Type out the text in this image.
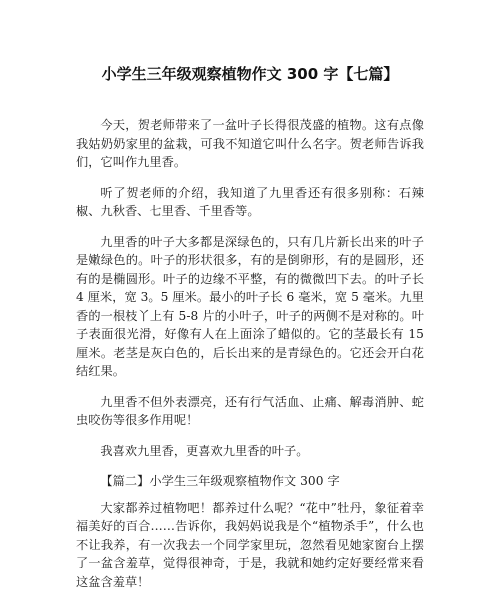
小学生三年级观察植物作文 300 字【七篇】

今天，贺老师带来了一盆叶子长得很茂盛的植物。这有点像我姑奶奶家里的盆栽，可我不知道它叫什么名字。贺老师告诉我们，它叫作九里香。

听了贺老师的介绍，我知道了九里香还有很多别称：石辣椒、九秋香、七里香、千里香等。

九里香的叶子大多都是深绿色的，只有几片新长出来的叶子是嫩绿色的。叶子的形状很多，有的是倒卵形，有的是圆形，还有的是椭圆形。叶子的边缘不平整，有的微微凹下去。的叶子长 4 厘米，宽 3。5 厘米。最小的叶子长 6 毫米，宽 5 毫米。九里香的一根枝丫上有 5-8 片的小叶子，叶子的两侧不是对称的。叶子表面很光滑，好像有人在上面涂了蜡似的。它的茎最长有 15 厘米。老茎是灰白色的，后长出来的是青绿色的。它还会开白花结红果。

九里香不但外表漂亮，还有行气活血、止痛、解毒消肿、蛇虫咬伤等很多作用呢！

我喜欢九里香，更喜欢九里香的叶子。

【篇二】小学生三年级观察植物作文 300 字

大家都养过植物吧！都养过什么呢？“花中”牡丹，象征着幸福美好的百合……告诉你，我妈妈说我是个“植物杀手”，什么也不让我养，有一次我去一个同学家里玩，忽然看见她家窗台上摆了一盆含羞草，觉得很神奇，于是，我就和她约定好要经常来看这盆含羞草！
